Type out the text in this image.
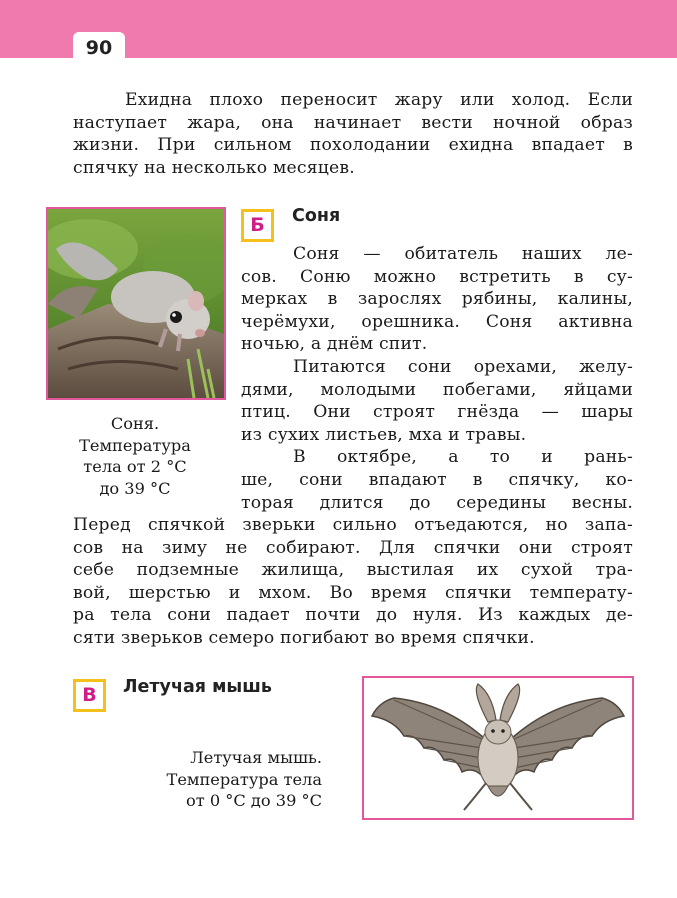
90
Ехидна плохо переносит жару или холод. Если
наступает жара, она начинает вести ночной образ
жизни. При сильном похолодании ехидна впадает в
спячку на несколько месяцев.
Соня.
Температура
тела от 2 °С
до 39 °С
Б	Соня
Соня — обитатель наших ле-
сов. Соню можно встретить в су-
мерках в зарослях рябины, калины,
черёмухи, орешника. Соня активна
ночью, а днём спит.
Питаются сони орехами, желу-
дями, молодыми побегами, яйцами
птиц. Они строят гнёзда — шары
из сухих листьев, мха и травы.
В октябре, а то и рань-
ше, сони впадают в спячку, ко-
торая длится до середины весны.
Перед спячкой зверьки сильно отъедаются, но запа-
сов на зиму не собирают. Для спячки они строят
себе подземные жилища, выстилая их сухой тра-
вой, шерстью и мхом. Во время спячки температу-
ра тела сони падает почти до нуля. Из каждых де-
сяти зверьков семеро погибают во время спячки.
В	Летучая мышь
Летучая мышь.
Температура тела
от 0 °С до 39 °С
